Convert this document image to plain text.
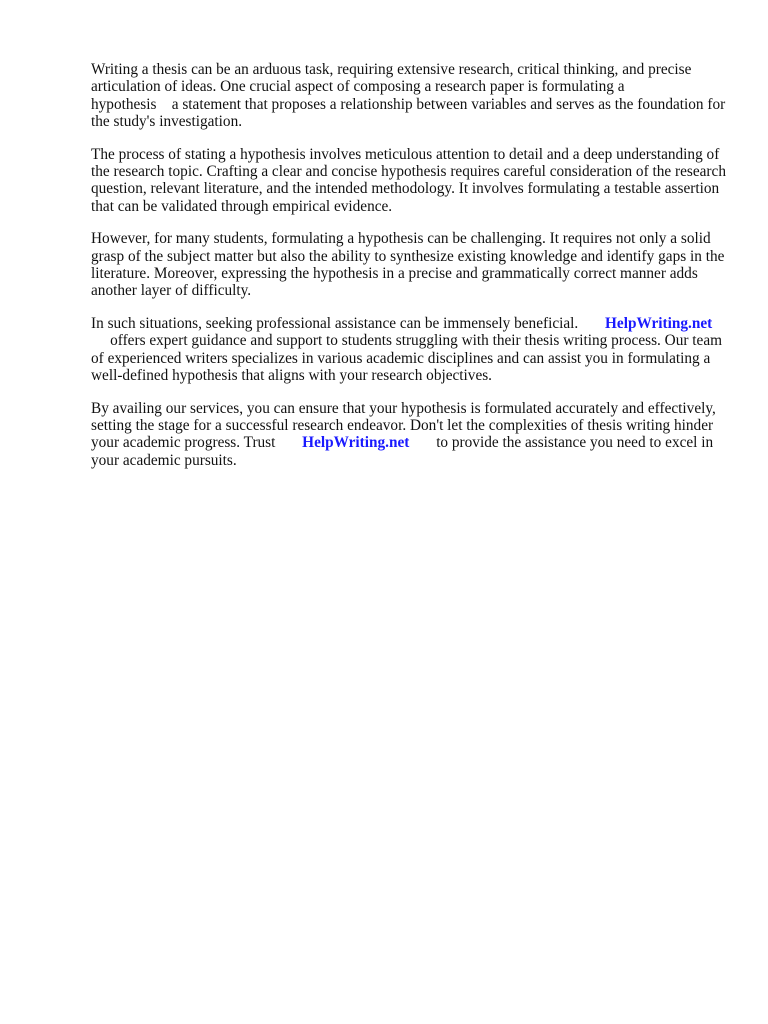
Writing a thesis can be an arduous task, requiring extensive research, critical thinking, and precise articulation of ideas. One crucial aspect of composing a research paper is formulating a
hypothesis a statement that proposes a relationship between variables and serves as the foundation for the study's investigation.

The process of stating a hypothesis involves meticulous attention to detail and a deep understanding of the research topic. Crafting a clear and concise hypothesis requires careful consideration of the research question, relevant literature, and the intended methodology. It involves formulating a testable assertion that can be validated through empirical evidence.

However, for many students, formulating a hypothesis can be challenging. It requires not only a solid grasp of the subject matter but also the ability to synthesize existing knowledge and identify gaps in the literature. Moreover, expressing the hypothesis in a precise and grammatically correct manner adds another layer of difficulty.

In such situations, seeking professional assistance can be immensely beneficial. HelpWriting.net
offers expert guidance and support to students struggling with their thesis writing process. Our team of experienced writers specializes in various academic disciplines and can assist you in formulating a well-defined hypothesis that aligns with your research objectives.

By availing our services, you can ensure that your hypothesis is formulated accurately and effectively, setting the stage for a successful research endeavor. Don't let the complexities of thesis writing hinder your academic progress. Trust HelpWriting.net to provide the assistance you need to excel in your academic pursuits.
